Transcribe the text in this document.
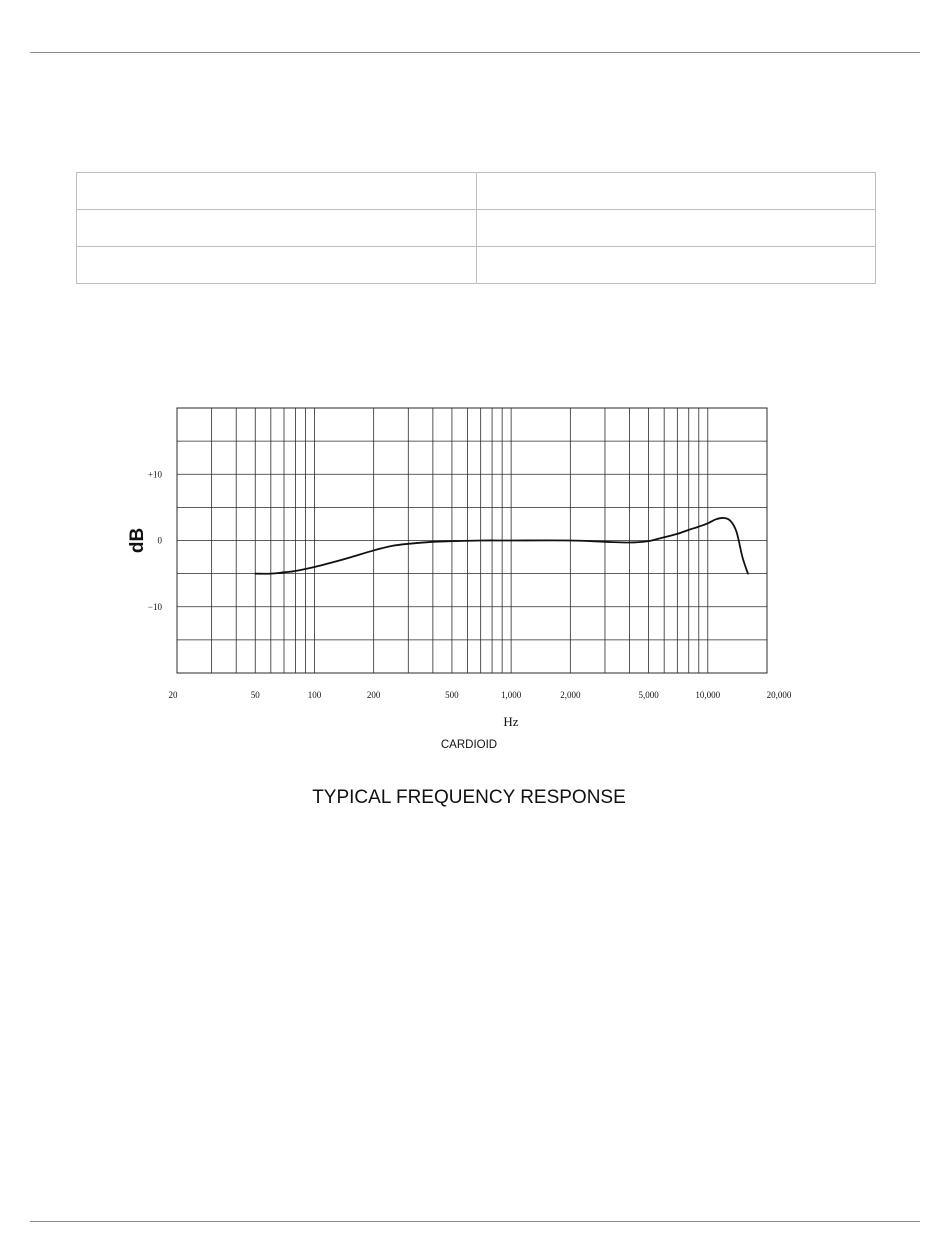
20	50	100	200	500	1,000	2,000	5,000	10,000	20,000
+10
0
−10
dB
Hz
CARDIOID
TYPICAL FREQUENCY RESPONSE
